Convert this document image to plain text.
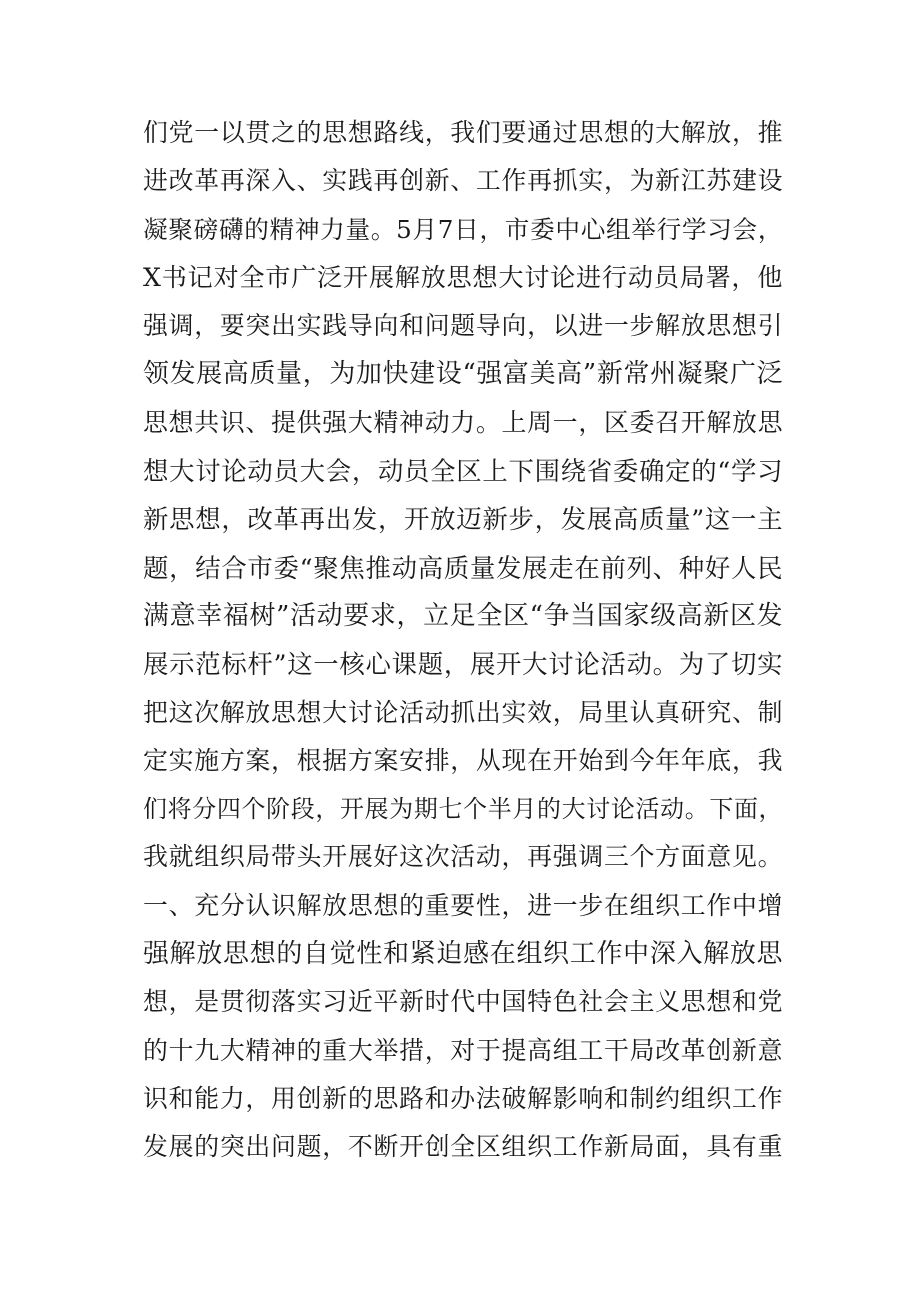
们党一以贯之的思想路线，我们要通过思想的大解放，推
进改革再深入、实践再创新、工作再抓实，为新江苏建设
凝聚磅礴的精神力量。5月7日，市委中心组举行学习会，
X书记对全市广泛开展解放思想大讨论进行动员局署，他
强调，要突出实践导向和问题导向，以进一步解放思想引
领发展高质量，为加快建设“强富美高”新常州凝聚广泛
思想共识、提供强大精神动力。上周一，区委召开解放思
想大讨论动员大会，动员全区上下围绕省委确定的“学习
新思想，改革再出发，开放迈新步，发展高质量”这一主
题，结合市委“聚焦推动高质量发展走在前列、种好人民
满意幸福树”活动要求，立足全区“争当国家级高新区发
展示范标杆”这一核心课题，展开大讨论活动。为了切实
把这次解放思想大讨论活动抓出实效，局里认真研究、制
定实施方案，根据方案安排，从现在开始到今年年底，我
们将分四个阶段，开展为期七个半月的大讨论活动。下面，
我就组织局带头开展好这次活动，再强调三个方面意见。
一、充分认识解放思想的重要性，进一步在组织工作中增
强解放思想的自觉性和紧迫感在组织工作中深入解放思
想，是贯彻落实习近平新时代中国特色社会主义思想和党
的十九大精神的重大举措，对于提高组工干局改革创新意
识和能力，用创新的思路和办法破解影响和制约组织工作
发展的突出问题，不断开创全区组织工作新局面，具有重
